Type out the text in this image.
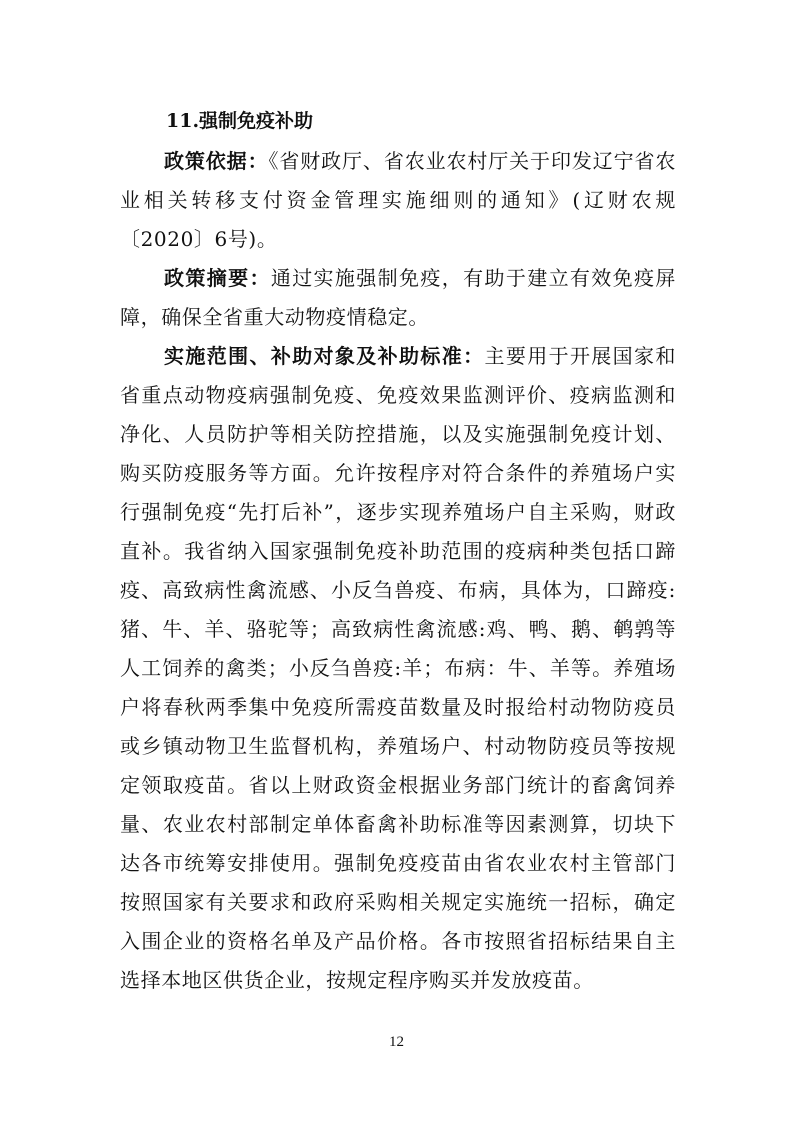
11.强制免疫补助

政策依据：《省财政厅、省农业农村厅关于印发辽宁省农业相关转移支付资金管理实施细则的通知》(辽财农规〔2020〕6号)。

政策摘要：通过实施强制免疫，有助于建立有效免疫屏障，确保全省重大动物疫情稳定。

实施范围、补助对象及补助标准：主要用于开展国家和省重点动物疫病强制免疫、免疫效果监测评价、疫病监测和净化、人员防护等相关防控措施，以及实施强制免疫计划、购买防疫服务等方面。允许按程序对符合条件的养殖场户实行强制免疫“先打后补”，逐步实现养殖场户自主采购，财政直补。我省纳入国家强制免疫补助范围的疫病种类包括口蹄疫、高致病性禽流感、小反刍兽疫、布病，具体为，口蹄疫:猪、牛、羊、骆驼等；高致病性禽流感:鸡、鸭、鹅、鹌鹑等人工饲养的禽类；小反刍兽疫:羊；布病：牛、羊等。养殖场户将春秋两季集中免疫所需疫苗数量及时报给村动物防疫员或乡镇动物卫生监督机构，养殖场户、村动物防疫员等按规定领取疫苗。省以上财政资金根据业务部门统计的畜禽饲养量、农业农村部制定单体畜禽补助标准等因素测算，切块下达各市统筹安排使用。强制免疫疫苗由省农业农村主管部门按照国家有关要求和政府采购相关规定实施统一招标，确定入围企业的资格名单及产品价格。各市按照省招标结果自主选择本地区供货企业，按规定程序购买并发放疫苗。

12
